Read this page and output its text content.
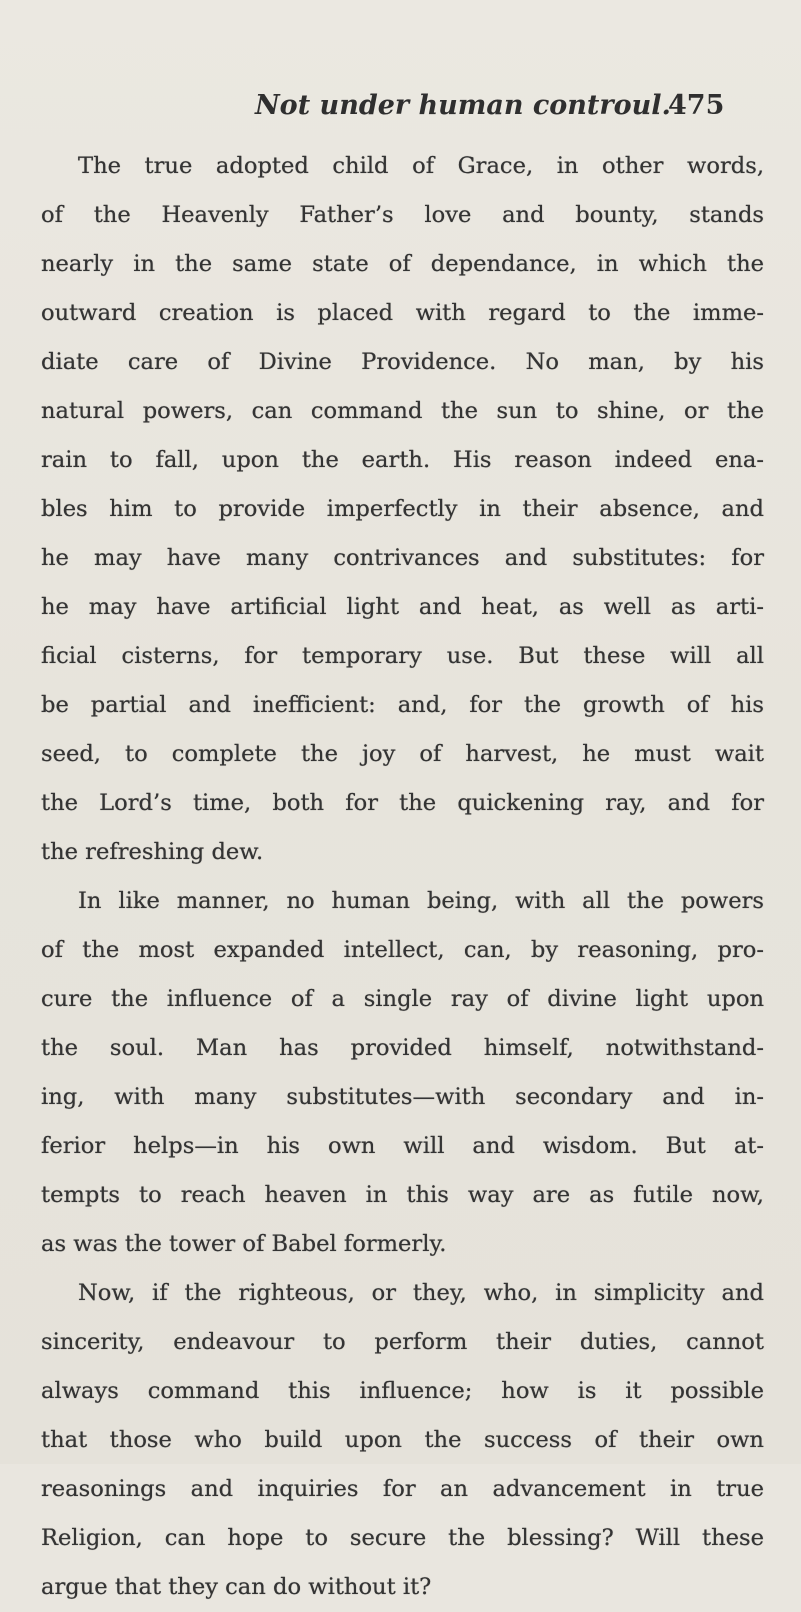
Not under human controul.
475
The true adopted child of Grace, in other words,
of the Heavenly Father’s love and bounty, stands
nearly in the same state of dependance, in which the
outward creation is placed with regard to the imme-
diate care of Divine Providence. No man, by his
natural powers, can command the sun to shine, or the
rain to fall, upon the earth. His reason indeed ena-
bles him to provide imperfectly in their absence, and
he may have many contrivances and substitutes: for
he may have artificial light and heat, as well as arti-
ficial cisterns, for temporary use. But these will all
be partial and inefficient: and, for the growth of his
seed, to complete the joy of harvest, he must wait
the Lord’s time, both for the quickening ray, and for
the refreshing dew.
In like manner, no human being, with all the powers
of the most expanded intellect, can, by reasoning, pro-
cure the influence of a single ray of divine light upon
the soul. Man has provided himself, notwithstand-
ing, with many substitutes—with secondary and in-
ferior helps—in his own will and wisdom. But at-
tempts to reach heaven in this way are as futile now,
as was the tower of Babel formerly.
Now, if the righteous, or they, who, in simplicity and
sincerity, endeavour to perform their duties, cannot
always command this influence; how is it possible
that those who build upon the success of their own
reasonings and inquiries for an advancement in true
Religion, can hope to secure the blessing? Will these
argue that they can do without it?
